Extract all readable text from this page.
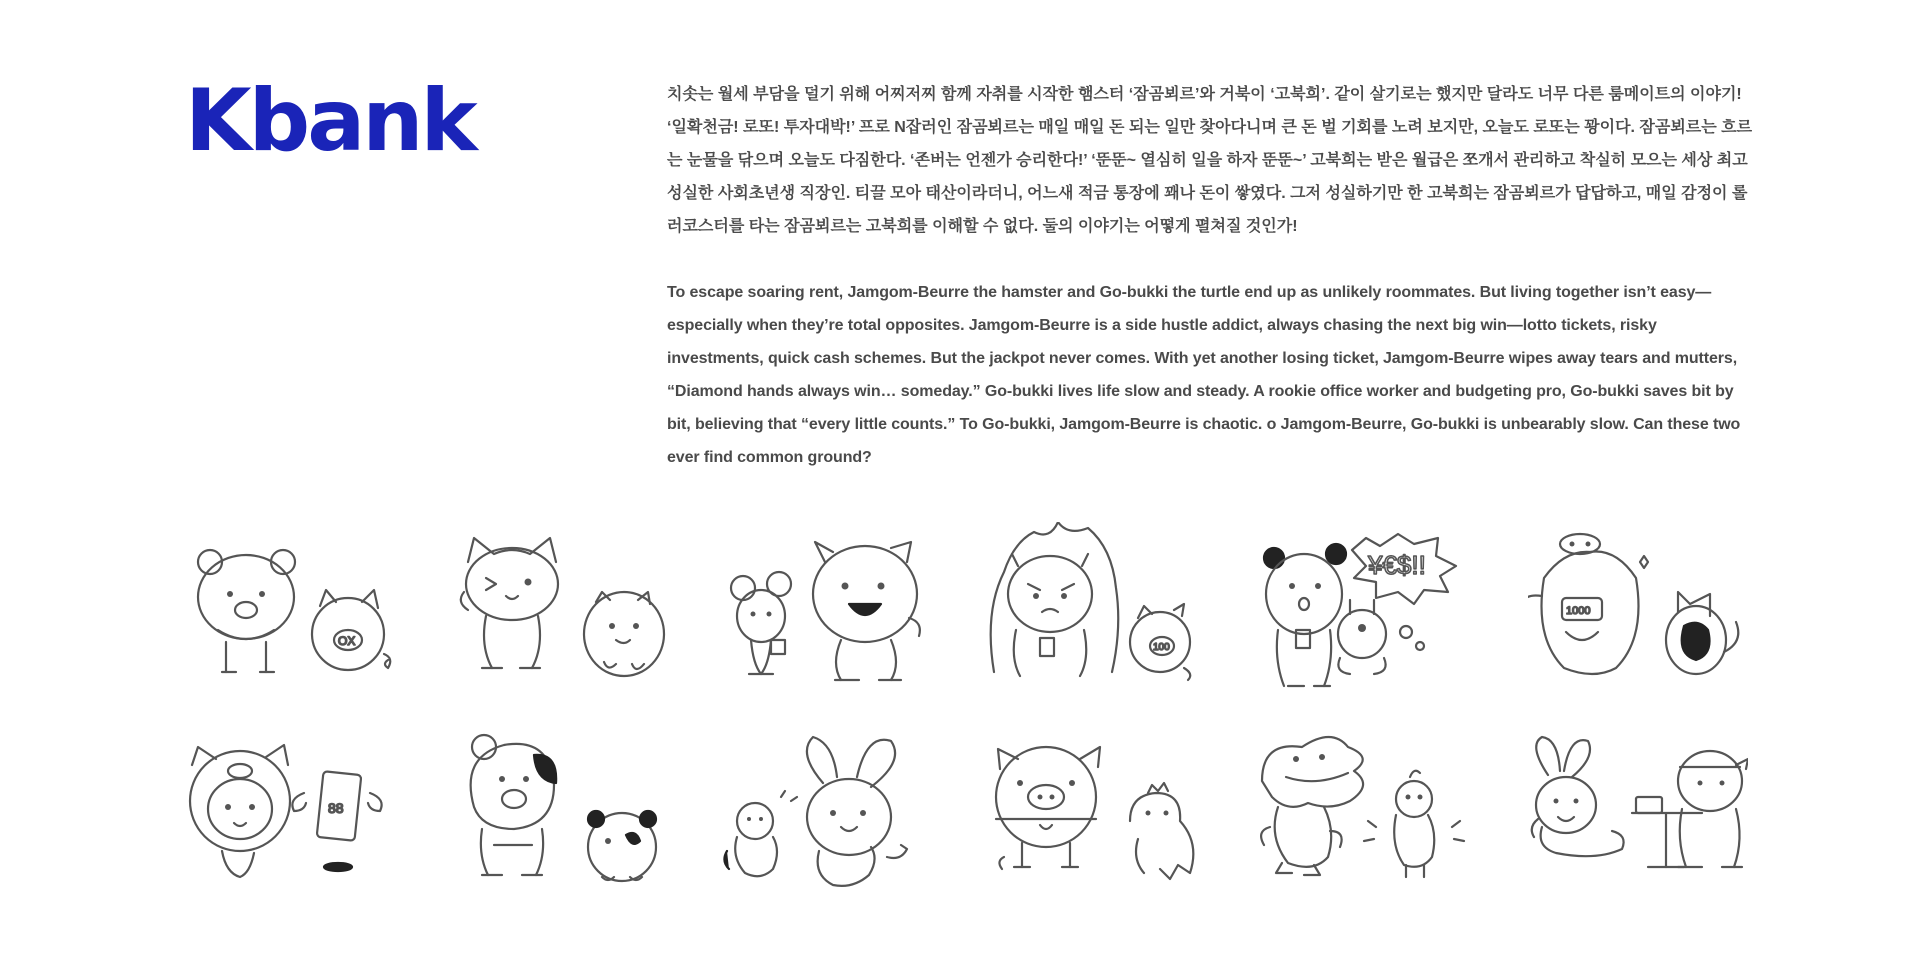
Kbank	치솟는 월세 부담을 덜기 위해 어찌저찌 함께 자취를 시작한 햄스터 ‘잠곰뵈르’와 거북이 ‘고북희’. 같이 살기로는 했지만 달라도 너무 다른 룸메이트의 이야기! ‘일확천금! 로또! 투자대박!’ 프로 N잡러인 잠곰뵈르는 매일 매일 돈 되는 일만 찾아다니며 큰 돈 벌 기회를 노려 보지만, 오늘도 로또는 꽝이다. 잠곰뵈르는 흐르는 눈물을 닦으며 오늘도 다짐한다. ‘존버는 언젠가 승리한다!’ ‘뚠뚠~ 열심히 일을 하자 뚠뚠~’ 고북희는 받은 월급은 쪼개서 관리하고 착실히 모으는 세상 최고 성실한 사회초년생 직장인. 티끌 모아 태산이라더니, 어느새 적금 통장에 꽤나 돈이 쌓였다. 그저 성실하기만 한 고북희는 잠곰뵈르가 답답하고, 매일 감정이 롤러코스터를 타는 잠곰뵈르는 고북희를 이해할 수 없다. 둘의 이야기는 어떻게 펼쳐질 것인가!

To escape soaring rent, Jamgom-Beurre the hamster and Go-bukki the turtle end up as unlikely roommates. But living together isn’t easy—especially when they’re total opposites. Jamgom-Beurre is a side hustle addict, always chasing the next big win—lotto tickets, risky investments, quick cash schemes. But the jackpot never comes. With yet another losing ticket, Jamgom-Beurre wipes away tears and mutters, “Diamond hands always win… someday.” Go-bukki lives life slow and steady. A rookie office worker and budgeting pro, Go-bukki saves bit by bit, believing that “every little counts.” To Go-bukki, Jamgom-Beurre is chaotic. o Jamgom-Beurre, Go-bukki is unbearably slow. Can these two ever find common ground?

OX	100
¥€$!!
1000
88
